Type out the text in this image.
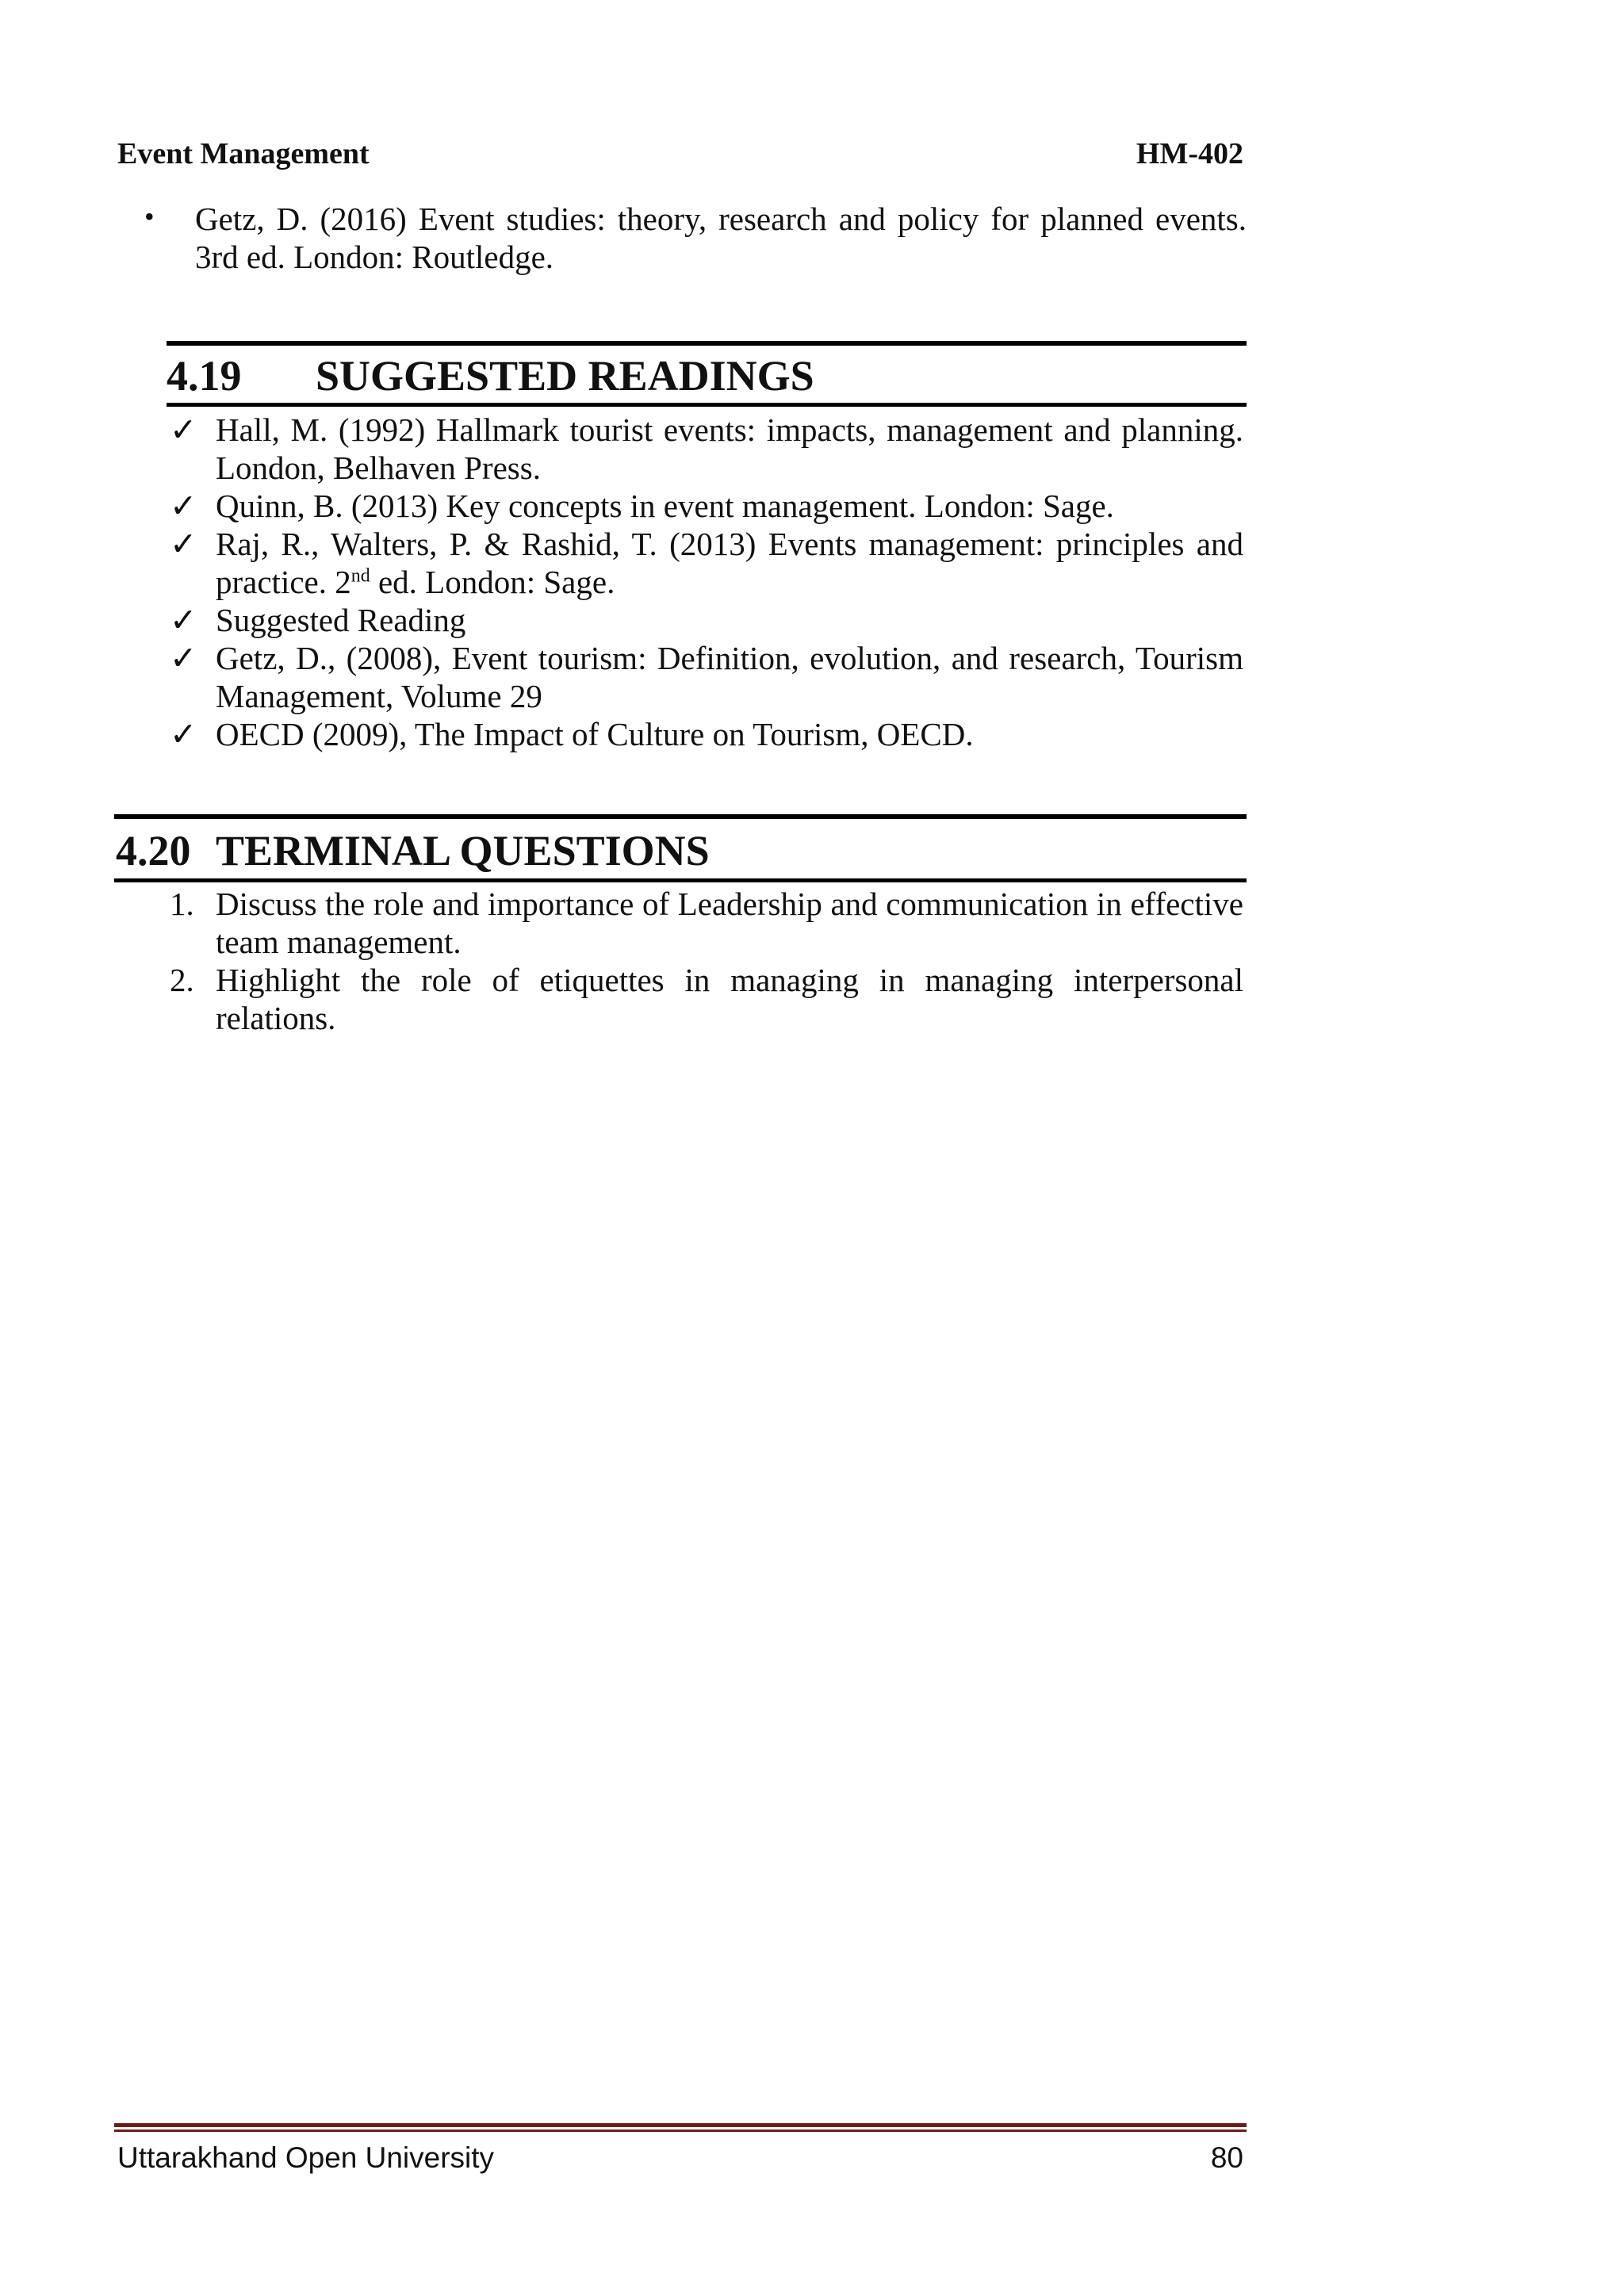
Event Management	HM-402
• Getz, D. (2016) Event studies: theory, research and policy for planned events. 3rd ed. London: Routledge.
4.19 SUGGESTED READINGS
✓ Hall, M. (1992) Hallmark tourist events: impacts, management and planning. London, Belhaven Press.
✓ Quinn, B. (2013) Key concepts in event management. London: Sage.
✓ Raj, R., Walters, P. & Rashid, T. (2013) Events management: principles and practice. 2nd ed. London: Sage.
✓ Suggested Reading
✓ Getz, D., (2008), Event tourism: Definition, evolution, and research, Tourism Management, Volume 29
✓ OECD (2009), The Impact of Culture on Tourism, OECD.
4.20 TERMINAL QUESTIONS
1. Discuss the role and importance of Leadership and communication in effective team management.
2. Highlight the role of etiquettes in managing in managing interpersonal relations.
Uttarakhand Open University	80
